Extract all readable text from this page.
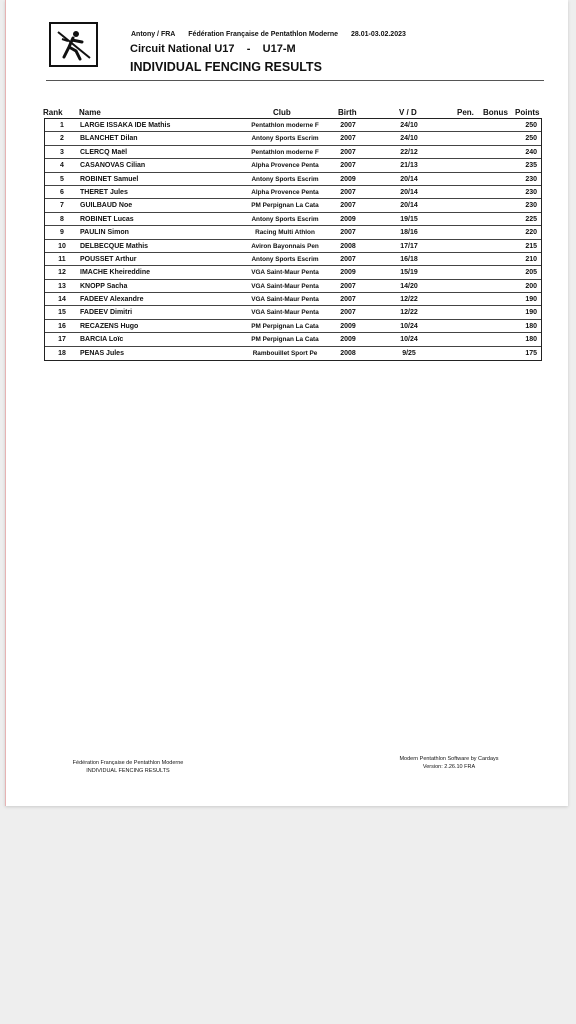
Antony / FRA Fédération Française de Pentathlon Moderne 28.01-03.02.2023
Circuit National U17 - U17-M
INDIVIDUAL FENCING RESULTS
Rank Name	Club	Birth	V / D	Pen. Bonus Points
1	LARGE ISSAKA IDE Mathis	Pentathlon moderne F	2007	24/10	250
2	BLANCHET Dilan	Antony Sports Escrim	2007	24/10	250
3	CLERCQ Maël	Pentathlon moderne F	2007	22/12	240
4	CASANOVAS Cilian	Alpha Provence Penta	2007	21/13	235
5	ROBINET Samuel	Antony Sports Escrim	2009	20/14	230
6	THERET Jules	Alpha Provence Penta	2007	20/14	230
7	GUILBAUD Noe	PM Perpignan La Cata	2007	20/14	230
8	ROBINET Lucas	Antony Sports Escrim	2009	19/15	225
9	PAULIN Simon	Racing Multi Athlon	2007	18/16	220
10	DELBECQUE Mathis	Aviron Bayonnais Pen	2008	17/17	215
11	POUSSET Arthur	Antony Sports Escrim	2007	16/18	210
12	IMACHE Kheireddine	VGA Saint-Maur Penta	2009	15/19	205
13	KNOPP Sacha	VGA Saint-Maur Penta	2007	14/20	200
14	FADEEV Alexandre	VGA Saint-Maur Penta	2007	12/22	190
15	FADEEV Dimitri	VGA Saint-Maur Penta	2007	12/22	190
16	RECAZENS Hugo	PM Perpignan La Cata	2009	10/24	180
17	BARCIA Loïc	PM Perpignan La Cata	2009	10/24	180
18	PENAS Jules	Rambouillet Sport Pe	2008	9/25	175
Fédération Française de Pentathlon Moderne
INDIVIDUAL FENCING RESULTS
Modern Pentathlon Software by Cardays
Version: 2.26.10 FRA
